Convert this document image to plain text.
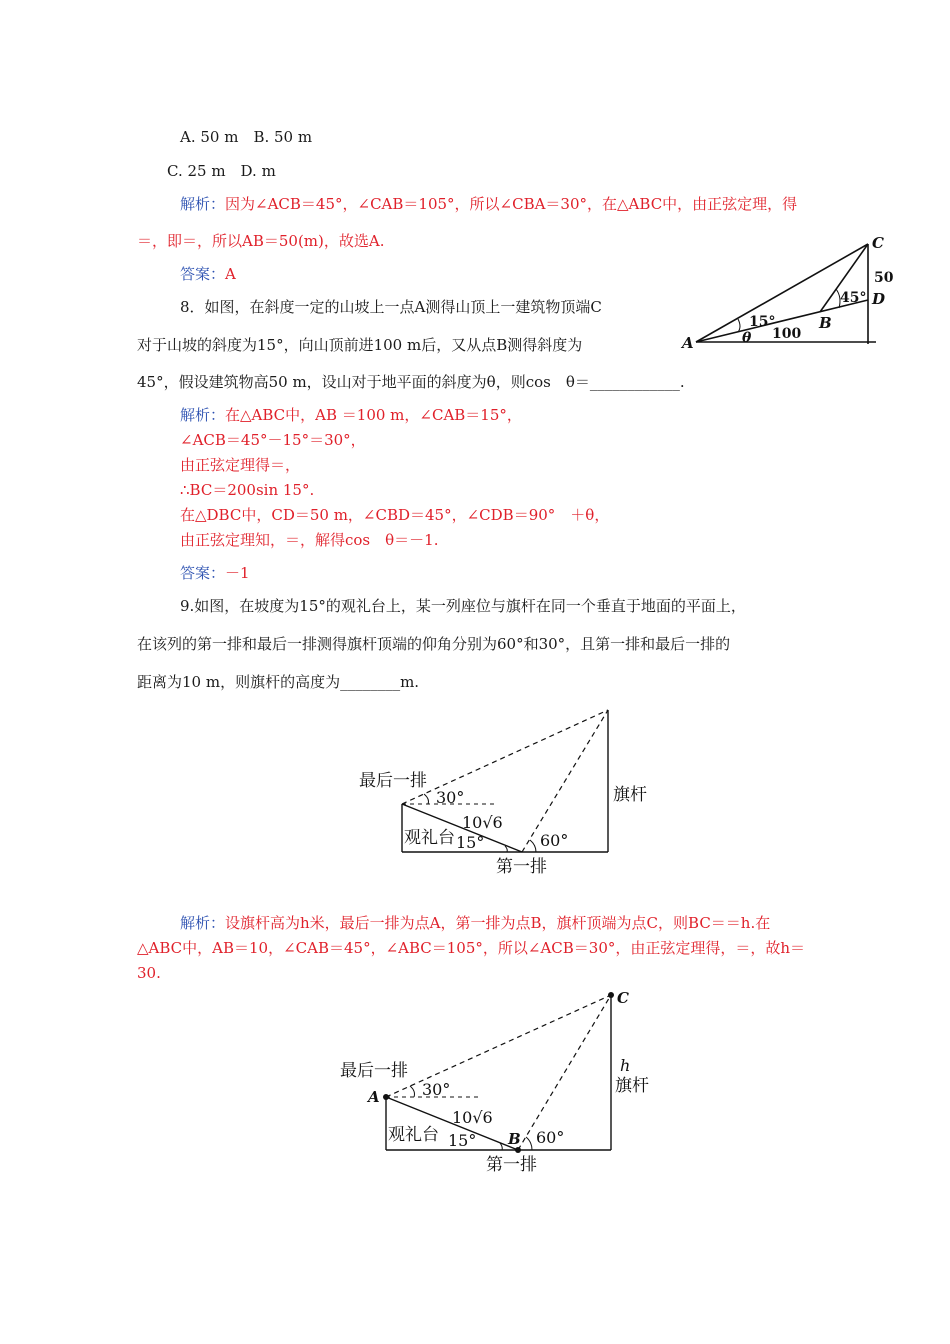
A. 50 m　B. 50 m
C. 25 m　D. m
解析：因为∠ACB＝45°，∠CAB＝105°，所以∠CBA＝30°，在△ABC中，由正弦定理，得
＝，即＝，所以AB＝50(m)，故选A.
答案：A
A
B
C
D
15°
45°
θ 100
50
8．如图，在斜度一定的山坡上一点A测得山顶上一建筑物顶端C
对于山坡的斜度为15°，向山顶前进100 m后，又从点B测得斜度为
45°，假设建筑物高50 m，设山对于地平面的斜度为θ，则cos　θ＝____________.
解析：在△ABC中，AB ＝100 m，∠CAB＝15°，
∠ACB＝45°－15°＝30°，
由正弦定理得＝，
∴BC＝200sin 15°.
在△DBC中，CD＝50 m，∠CBD＝45°，∠CDB＝90°　＋θ，
由正弦定理知，＝，解得cos　θ＝－1.
答案：－1
9.如图，在坡度为15°的观礼台上，某一列座位与旗杆在同一个垂直于地面的平面上，
在该列的第一排和最后一排测得旗杆顶端的仰角分别为60°和30°，且第一排和最后一排的
距离为10 m，则旗杆的高度为________m.
最后一排
30°
10√6
观礼台 15°	60°
第一排
旗杆
解析：设旗杆高为h米，最后一排为点A，第一排为点B，旗杆顶端为点C，则BC＝＝h.在
△ABC中，AB＝10，∠CAB＝45°，∠ABC＝105°，所以∠ACB＝30°，由正弦定理得，＝，故h＝
30.
最后一排
A	30°
10√6
观礼台 15° B 60°
第一排
C
h
旗杆
